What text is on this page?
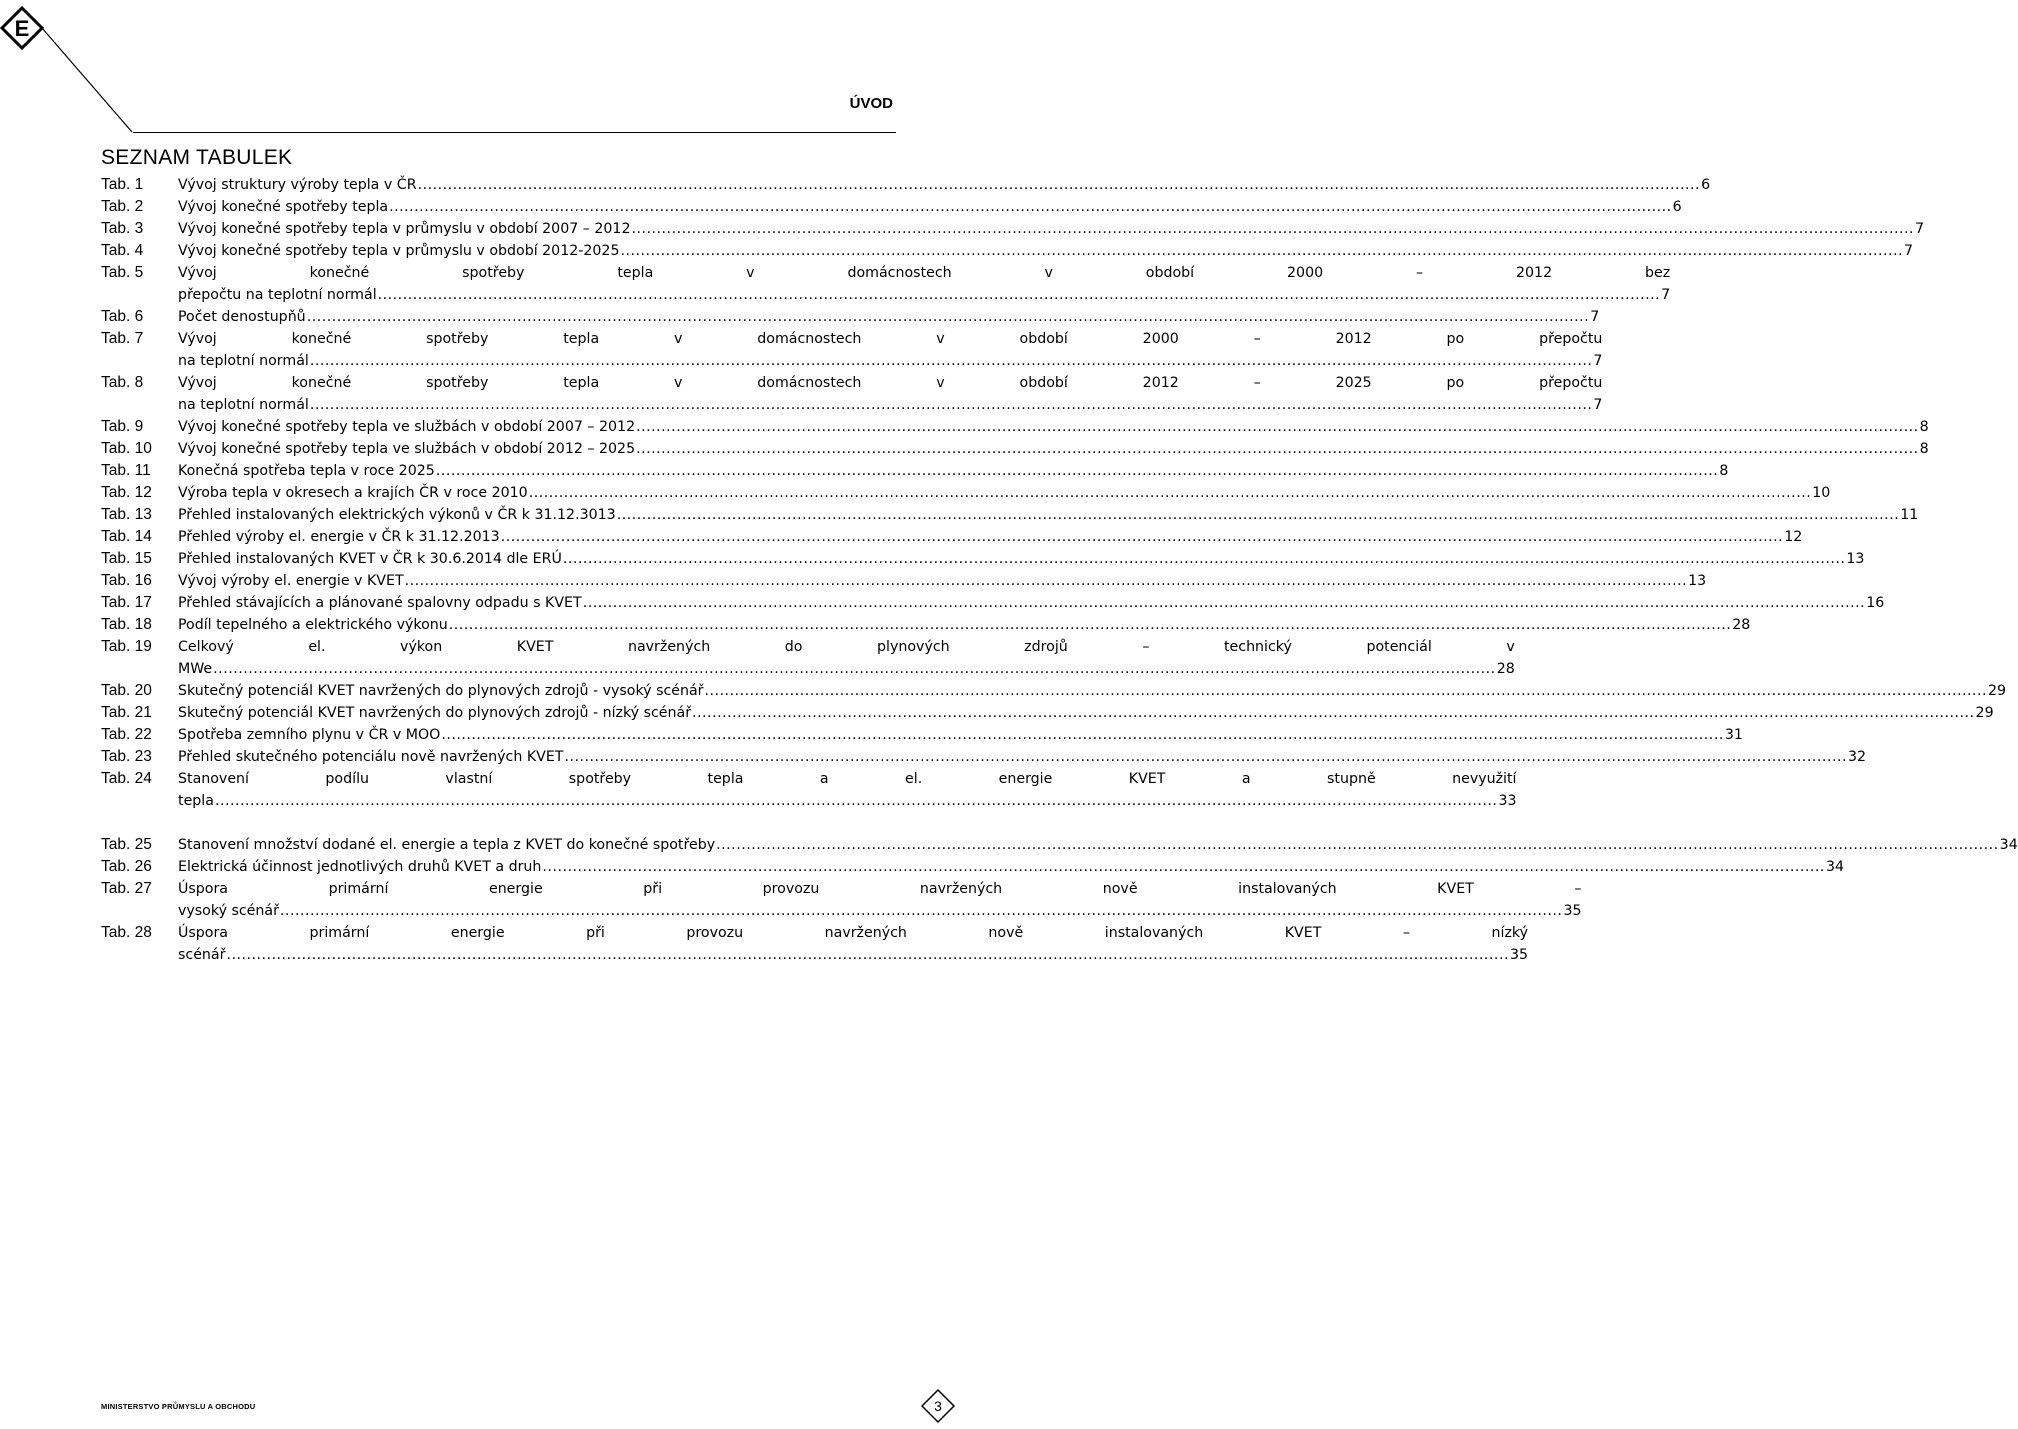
E
ÚVOD
SEZNAM TABULEK
Tab. 1	Vývoj struktury výroby tepla v ČR .....	6
Tab. 2	Vývoj konečné spotřeby tepla .....	6
Tab. 3	Vývoj konečné spotřeby tepla v průmyslu v období 2007 – 2012 .....	7
Tab. 4	Vývoj konečné spotřeby tepla v průmyslu v období 2012-2025 .....	7
Tab. 5	Vývoj konečné spotřeby tepla v domácnostech v období 2000 – 2012 bez
přepočtu na teplotní normál .....	7
Tab. 6	Počet denostupňů .....	7
Tab. 7	Vývoj konečné spotřeby tepla v domácnostech v období 2000 – 2012 po přepočtu
na teplotní normál .....	7
Tab. 8	Vývoj konečné spotřeby tepla v domácnostech v období 2012 – 2025 po přepočtu
na teplotní normál .....	7
Tab. 9	Vývoj konečné spotřeby tepla ve službách v období 2007 – 2012 .....	8
Tab. 10	Vývoj konečné spotřeby tepla ve službách v období 2012 – 2025 .....	8
Tab. 11	Konečná spotřeba tepla v roce 2025 .....	8
Tab. 12	Výroba tepla v okresech a krajích ČR v roce 2010 .....	10
Tab. 13	Přehled instalovaných elektrických výkonů v ČR k 31.12.3013 .....	11
Tab. 14	Přehled výroby el. energie v ČR k 31.12.2013 .....	12
Tab. 15	Přehled instalovaných KVET v ČR k 30.6.2014 dle ERÚ .....	13
Tab. 16	Vývoj výroby el. energie v KVET .....	13
Tab. 17	Přehled stávajících a plánované spalovny odpadu s KVET .....	16
Tab. 18	Podíl tepelného a elektrického výkonu .....	28
Tab. 19	Celkový el. výkon KVET navržených do plynových zdrojů – technický potenciál v
MWe .....	28
Tab. 20	Skutečný potenciál KVET navržených do plynových zdrojů - vysoký scénář .....	29
Tab. 21	Skutečný potenciál KVET navržených do plynových zdrojů - nízký scénář .....	29
Tab. 22	Spotřeba zemního plynu v ČR v MOO .....	31
Tab. 23	Přehled skutečného potenciálu nově navržených KVET .....	32
Tab. 24	Stanovení podílu vlastní spotřeby tepla a el. energie KVET a stupně nevyužití
tepla .....	33
Tab. 25	Stanovení množství dodané el. energie a tepla z KVET do konečné spotřeby .....	34
Tab. 26	Elektrická účinnost jednotlivých druhů KVET a druh .....	34
Tab. 27	Úspora primární energie při provozu navržených nově instalovaných KVET –
vysoký scénář .....	35
Tab. 28	Úspora primární energie při provozu navržených nově instalovaných KVET – nízký
scénář .....	35
MINISTERSTVO PRŮMYSLU A OBCHODU	3
